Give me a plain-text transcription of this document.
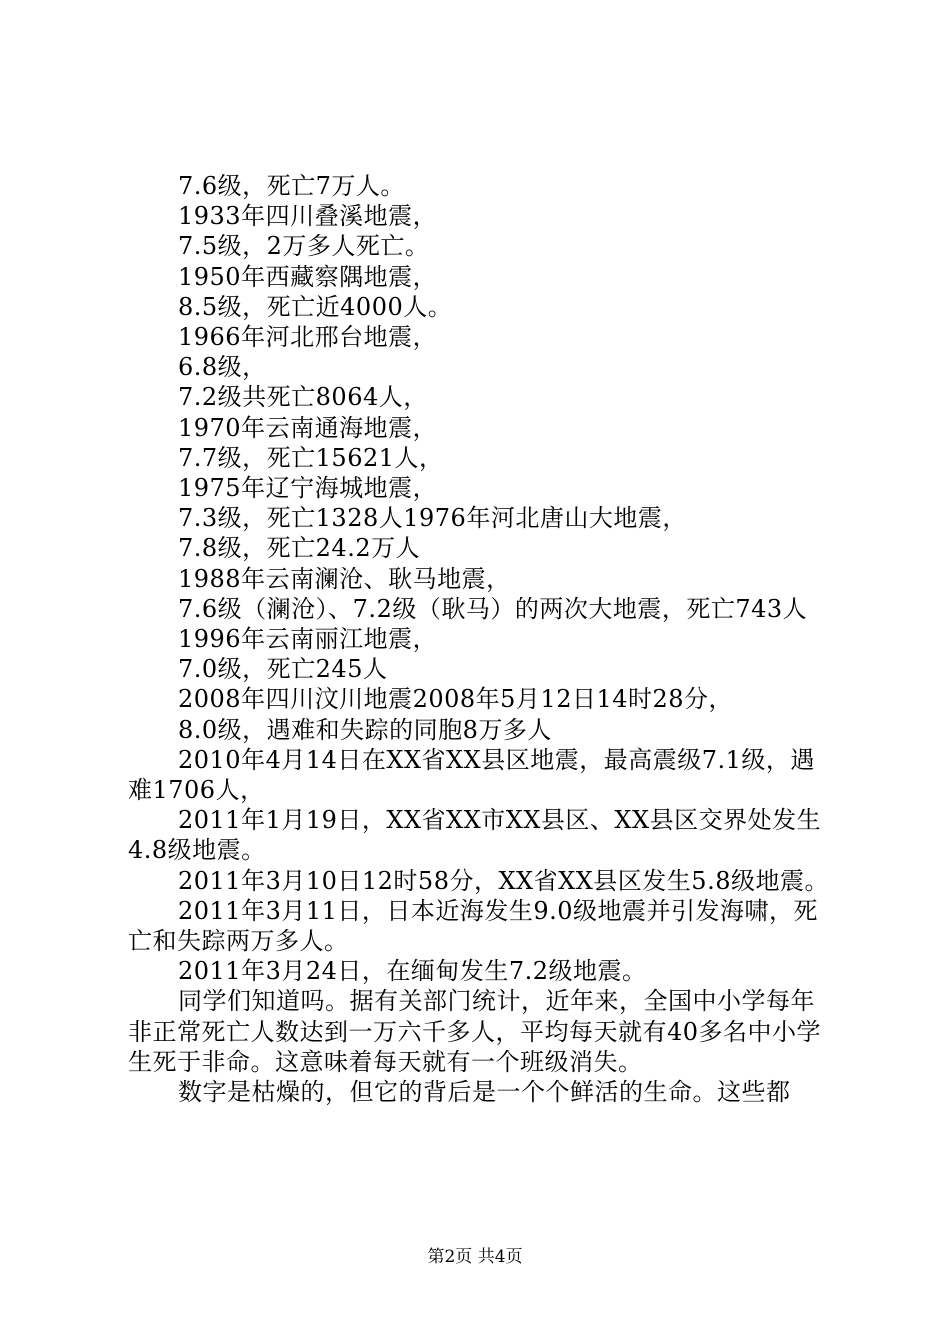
7.6级，死亡7万人。

1933年四川叠溪地震，

7.5级，2万多人死亡。

1950年西藏察隅地震，

8.5级，死亡近4000人。

1966年河北邢台地震，

6.8级，

7.2级共死亡8064人，

1970年云南通海地震，

7.7级，死亡15621人，

1975年辽宁海城地震，

7.3级，死亡1328人1976年河北唐山大地震，

7.8级，死亡24.2万人

1988年云南澜沧、耿马地震，

7.6级（澜沧）、7.2级（耿马）的两次大地震，死亡743人

1996年云南丽江地震，

7.0级，死亡245人

2008年四川汶川地震2008年5月12日14时28分，

8.0级，遇难和失踪的同胞8万多人

2010年4月14日在XX省XX县区地震，最高震级7.1级，遇难1706人，

2011年1月19日，XX省XX市XX县区、XX县区交界处发生4.8级地震。

2011年3月10日12时58分，XX省XX县区发生5.8级地震。

2011年3月11日，日本近海发生9.0级地震并引发海啸，死亡和失踪两万多人。

2011年3月24日，在缅甸发生7.2级地震。

同学们知道吗。据有关部门统计，近年来，全国中小学每年非正常死亡人数达到一万六千多人，平均每天就有40多名中小学生死于非命。这意味着每天就有一个班级消失。

数字是枯燥的，但它的背后是一个个鲜活的生命。这些都

第2页 共4页
